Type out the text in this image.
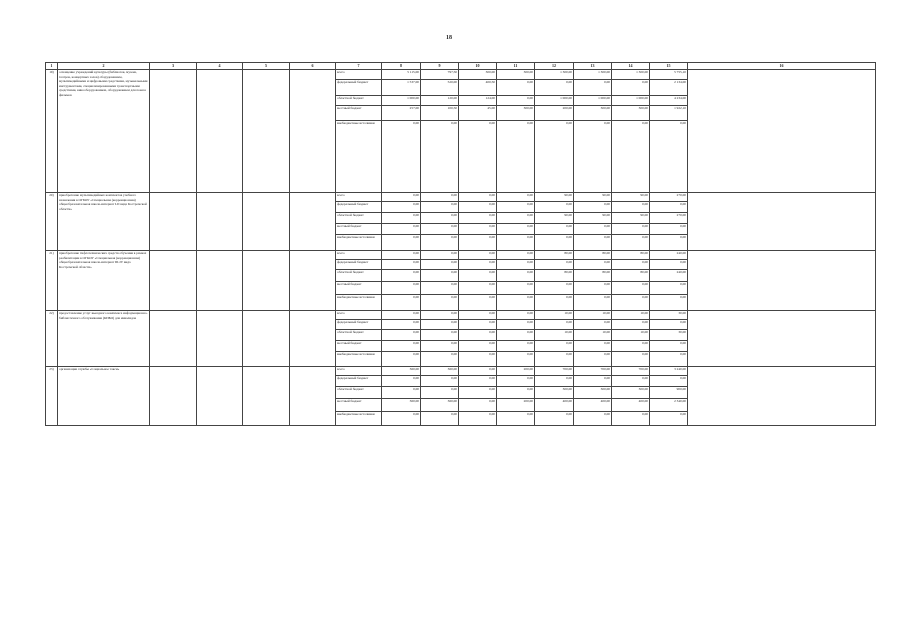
18
1	2	3	4	5	6	7	8	9	10	11	12	13	14	15	16
19)	оснащение учреждений культуры (библиотек, музеев, театров, концертных залов) оборудованием, мультимедийными и цифровыми средствами, музыкальными инструментами, специализированными транспортными средствами, кинооборудованием, оборудованием для показа фильмов					всего	5 115,00	797,50	300,00	300,00	1 300,00	1 300,00	1 300,00	5 755,10	
						федеральный бюджет	1 537,00	520,00	400,50	0,00	0,00	0,00	0,00	2 134,00	
						областной бюджет	1 000,00	120,00	124,00	0,00	1 000,00	1 000,00	1 000,00	4 234,00	
						местный бюджет	257,00	100,50	45,00	300,00	200,00	300,00	300,00	1 922,10	
						внебюджетные источники	0,00	0,00	0,00	0,00	0,00	0,00	0,00	0,00	
20)	приобретение мультимедийных комплектов учебного назначения в ОГБОУ «Специальная (коррекционная) общеобразовательная школа-интернат I-II вида Костромской области»					всего	0,00	0,00	0,00	0,00	90,00	90,00	90,00	270,00	
						федеральный бюджет	0,00	0,00	0,00	0,00	0,00	0,00	0,00	0,00	
						областной бюджет	0,00	0,00	0,00	0,00	90,00	90,00	90,00	270,00	
						местный бюджет	0,00	0,00	0,00	0,00	0,00	0,00	0,00	0,00	
						внебюджетные источники	0,00	0,00	0,00	0,00	0,00	0,00	0,00	0,00	
21)	приобретение тифлотехнических средств обучения в рамках реабилитации в ОГКОУ «Специальная (коррекционная) общеобразовательная школа-интернат III-IV вида Костромской области»					всего	0,00	0,00	0,00	0,00	80,00	80,00	80,00	240,00	
						федеральный бюджет	0,00	0,00	0,00	0,00	0,00	0,00	0,00	0,00	
						областной бюджет	0,00	0,00	0,00	0,00	80,00	80,00	80,00	240,00	
						местный бюджет	0,00	0,00	0,00	0,00	0,00	0,00	0,00	0,00	
						внебюджетные источники	0,00	0,00	0,00	0,00	0,00	0,00	0,00	0,00	
22)	предоставление услуг выездного комплекса информационно-библиотечного обслуживания (КИБО) для инвалидов					всего	0,00	0,00	0,00	0,00	10,00	10,00	10,00	30,00	
						федеральный бюджет	0,00	0,00	0,00	0,00	0,00	0,00	0,00	0,00	
						областной бюджет	0,00	0,00	0,00	0,00	10,00	10,00	10,00	30,00	
						местный бюджет	0,00	0,00	0,00	0,00	0,00	0,00	0,00	0,00	
						внебюджетные источники	0,00	0,00	0,00	0,00	0,00	0,00	0,00	0,00	
23)	организация службы «Социальное такси»					всего	360,00	360,00	0,00	200,00	700,00	700,00	700,00	3 240,00	
						федеральный бюджет	0,00	0,00	0,00	0,00	0,00	0,00	0,00	0,00	
						областной бюджет	0,00	0,00	0,00	0,00	300,00	300,00	300,00	900,00	
						местный бюджет	360,00	360,00	0,00	200,00	400,00	400,00	400,00	2 340,00	
						внебюджетные источники	0,00	0,00	0,00	0,00	0,00	0,00	0,00	0,00	
